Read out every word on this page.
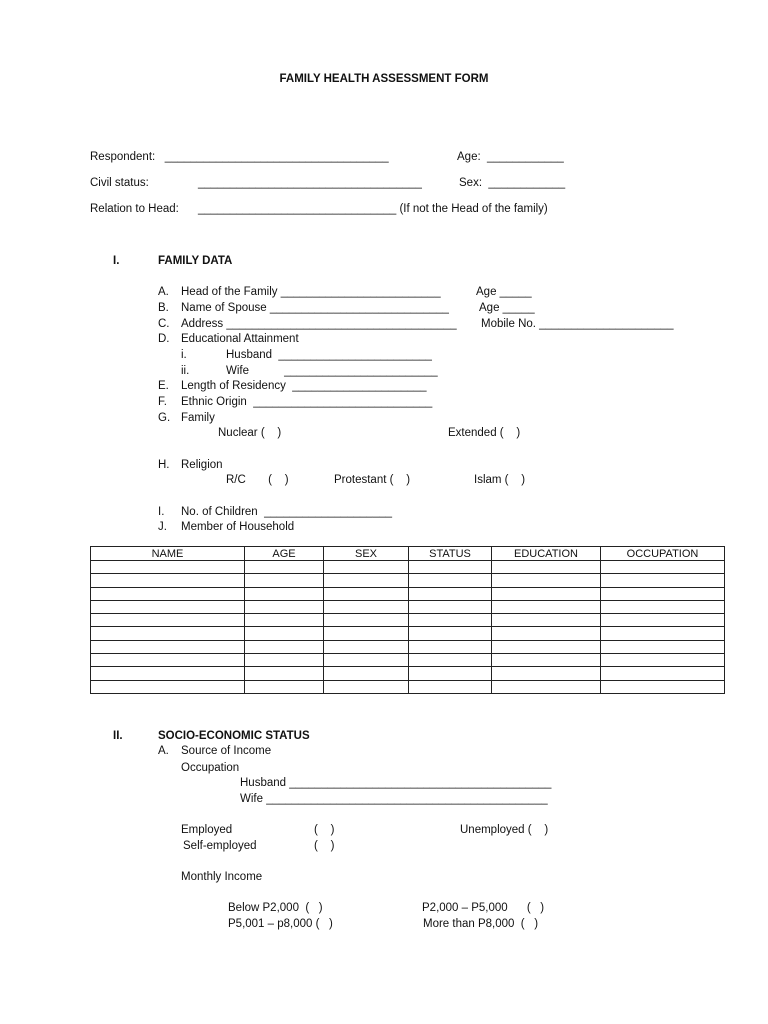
FAMILY HEALTH ASSESSMENT FORM
Respondent:   ___________________________________	Age:  ____________
Civil status:	___________________________________	Sex:  ____________
Relation to Head: _______________________________ (If not the Head of the family)
I.	FAMILY DATA
A. Head of the Family _________________________	Age _____
B. Name of Spouse ____________________________	Age _____
C. Address ____________________________________ Mobile No. _____________________
D. Educational Attainment
i.	Husband  ________________________
ii.	Wife           ________________________
E. Length of Residency  _____________________
F. Ethnic Origin  ____________________________
G. Family
Nuclear (    )	Extended (    )
H. Religion
R/C       (    )	Protestant (    )	Islam (    )
I. No. of Children  ____________________
J. Member of Household
NAME	AGE	SEX	STATUS	EDUCATION	OCCUPATION

II.	SOCIO-ECONOMIC STATUS
A. Source of Income
Occupation
Husband _________________________________________
Wife ____________________________________________
Employed	(    )	Unemployed (    )
Self-employed	(    )
Monthly Income
Below P2,000  (   )	P2,000 – P5,000      (   )
P5,001 – p8,000 (   )	More than P8,000  (   )
